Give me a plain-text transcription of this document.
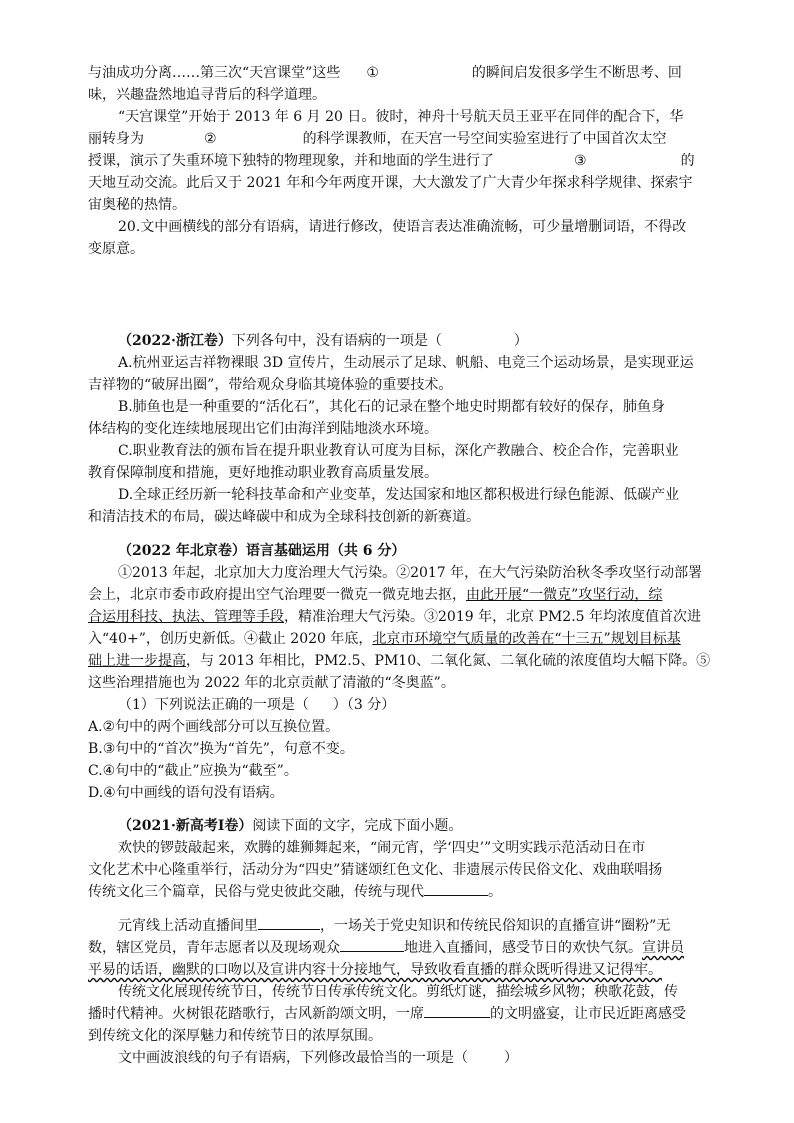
与油成功分离……第三次“天宫课堂”这些 ①	的瞬间启发很多学生不断思考、回
味，兴趣盎然地追寻背后的科学道理。
“天宫课堂”开始于 2013 年 6 月 20 日。彼时，神舟十号航天员王亚平在同伴的配合下，华
丽转身为	②	的科学课教师，在天宫一号空间实验室进行了中国首次太空
授课，演示了失重环境下独特的物理现象，并和地面的学生进行了	③	的
天地互动交流。此后又于 2021 年和今年两度开课，大大激发了广大青少年探求科学规律、探索宇
宙奥秘的热情。
20.文中画横线的部分有语病，请进行修改，使语言表达准确流畅，可少量增删词语，不得改
变原意。
（2022·浙江卷）下列各句中，没有语病的一项是（	）
A.杭州亚运吉祥物裸眼 3D 宣传片，生动展示了足球、帆船、电竞三个运动场景，是实现亚运
吉祥物的“破屏出圈”，带给观众身临其境体验的重要技术。
B.肺鱼也是一种重要的“活化石”，其化石的记录在整个地史时期都有较好的保存，肺鱼身
体结构的变化连续地展现出它们由海洋到陆地淡水环境。
C.职业教育法的颁布旨在提升职业教育认可度为目标，深化产教融合、校企合作，完善职业
教育保障制度和措施，更好地推动职业教育高质量发展。
D.全球正经历新一轮科技革命和产业变革，发达国家和地区都积极进行绿色能源、低碳产业
和清洁技术的布局，碳达峰碳中和成为全球科技创新的新赛道。
（2022 年北京卷）语言基础运用（共 6 分）
①2013 年起，北京加大力度治理大气污染。②2017 年，在大气污染防治秋冬季攻坚行动部署
会上，北京市委市政府提出空气治理要一微克一微克地去抠，由此开展“一微克”攻坚行动，综
合运用科技、执法、管理等手段，精准治理大气污染。③2019 年，北京 PM2.5 年均浓度值首次进
入“40+”，创历史新低。④截止 2020 年底，北京市环境空气质量的改善在“十三五”规划目标基
础上进一步提高，与 2013 年相比，PM2.5、PM10、二氧化氮、二氧化硫的浓度值均大幅下降。⑤
这些治理措施也为 2022 年的北京贡献了清澈的“冬奥蓝”。
（1）下列说法正确的一项是（ ）（3 分）
A.②句中的两个画线部分可以互换位置。
B.③句中的“首次”换为“首先”，句意不变。
C.④句中的“截止”应换为“截至”。
D.④句中画线的语句没有语病。
（2021·新高考Ⅰ卷）阅读下面的文字，完成下面小题。
欢快的锣鼓敲起来，欢腾的雄狮舞起来，“闹元宵，学‘四史’”文明实践示范活动日在市
文化艺术中心隆重举行，活动分为“四史”猜谜颂红色文化、非遗展示传民俗文化、戏曲联唱扬
传统文化三个篇章，民俗与党史彼此交融，传统与现代	。
元宵线上活动直播间里	，一场关于党史知识和传统民俗知识的直播宣讲“圈粉”无
数，辖区党员，青年志愿者以及现场观众	地进入直播间，感受节日的欢快气氛。宣讲员
平易的话语，幽默的口吻以及宣讲内容十分接地气，导致收看直播的群众既听得进又记得牢。
传统文化展现传统节日，传统节日传承传统文化。剪纸灯谜，描绘城乡风物；秧歌花鼓，传
播时代精神。火树银花踏歌行，古风新韵颂文明，一席	的文明盛宴，让市民近距离感受
到传统文化的深厚魅力和传统节日的浓厚氛围。
文中画波浪线的句子有语病，下列修改最恰当的一项是（	）
